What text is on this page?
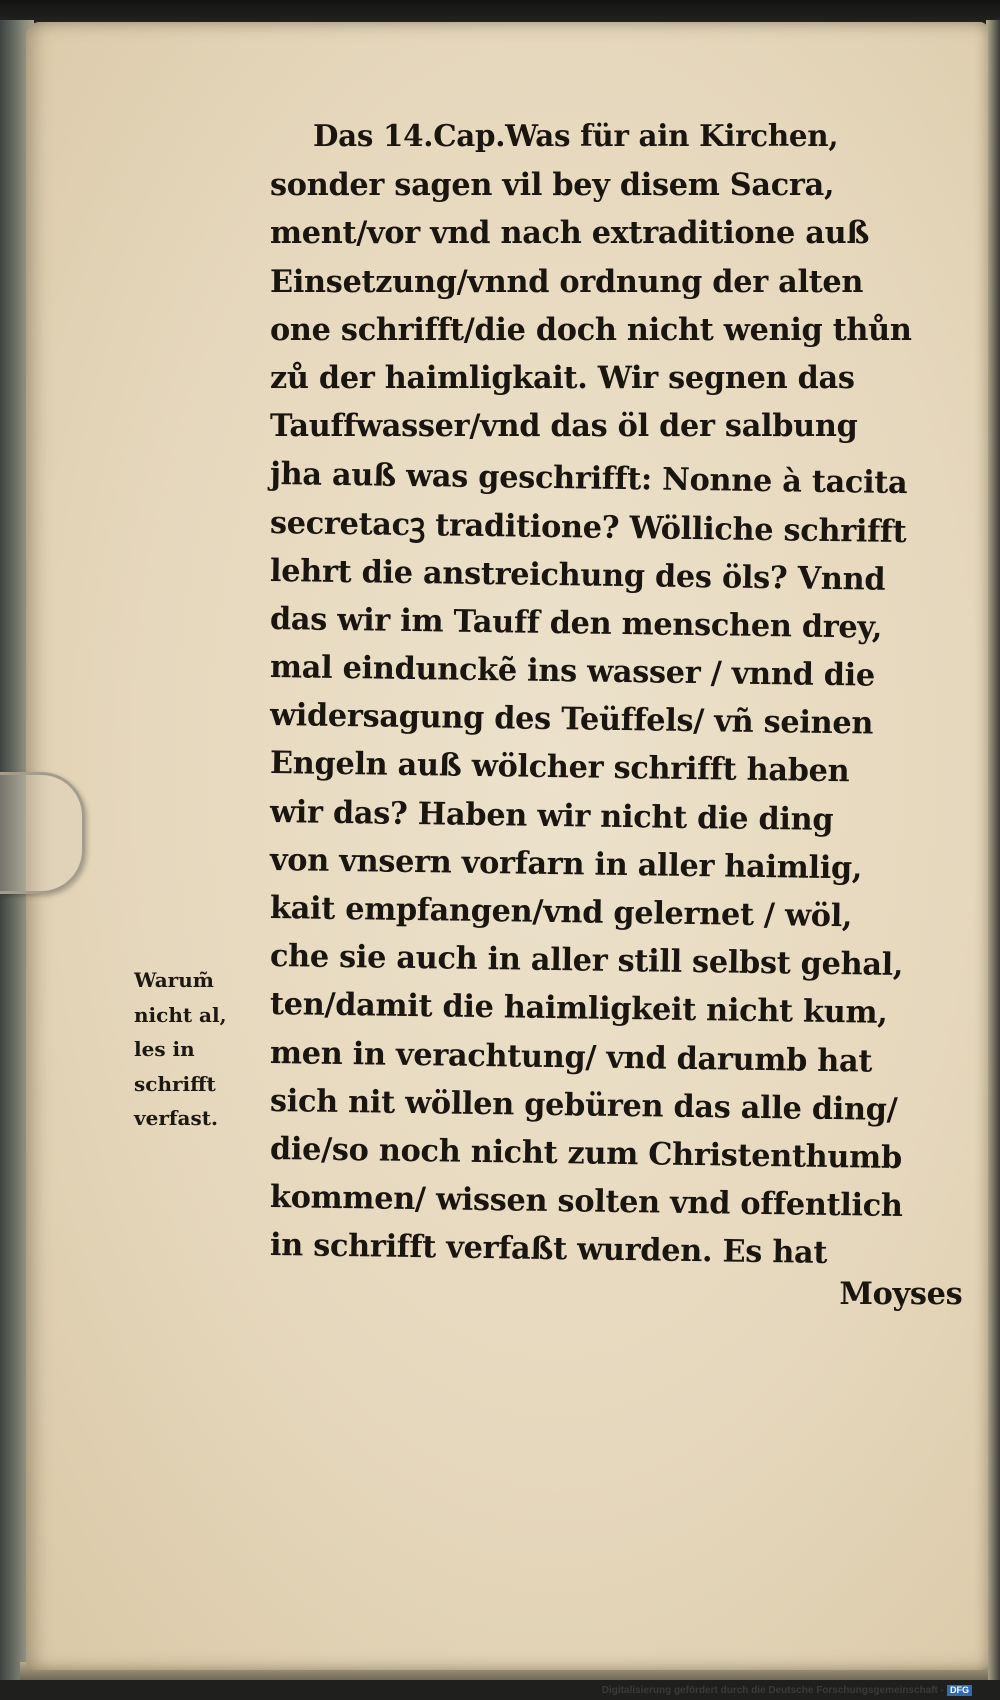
Das 14.Cap.Was für ain Kirchen,
sonder sagen vil bey disem Sacra,
ment/vor vnd nach extraditione auß
Einsetzung/vnnd ordnung der alten
one schrifft/die doch nicht wenig thůn
zů der haimligkait. Wir segnen das
Tauffwasser/vnd das öl der salbung
jha auß was geschrifft: Nonne à tacita
secretacꝫ traditione? Wölliche schrifft
lehrt die anstreichung des öls? Vnnd
das wir im Tauff den menschen drey,
mal eindunckẽ ins wasser / vnnd die
widersagung des Teüffels/ vñ seinen
Engeln auß wölcher schrifft haben
wir das? Haben wir nicht die ding
von vnsern vorfarn in aller haimlig,
kait empfangen/vnd gelernet / wöl,
che sie auch in aller still selbst gehal,
ten/damit die haimligkeit nicht kum,
men in verachtung/ vnd darumb hat
sich nit wöllen gebüren das alle ding/
die/so noch nicht zum Christenthumb
kommen/ wissen solten vnd offentlich
in schrifft verfaßt wurden. Es hat
Moyses
Warum̃
nicht al,
les in
schrifft
verfast.
Digitalisierung gefördert durch die Deutsche Forschungsgemeinschaft - DFG
